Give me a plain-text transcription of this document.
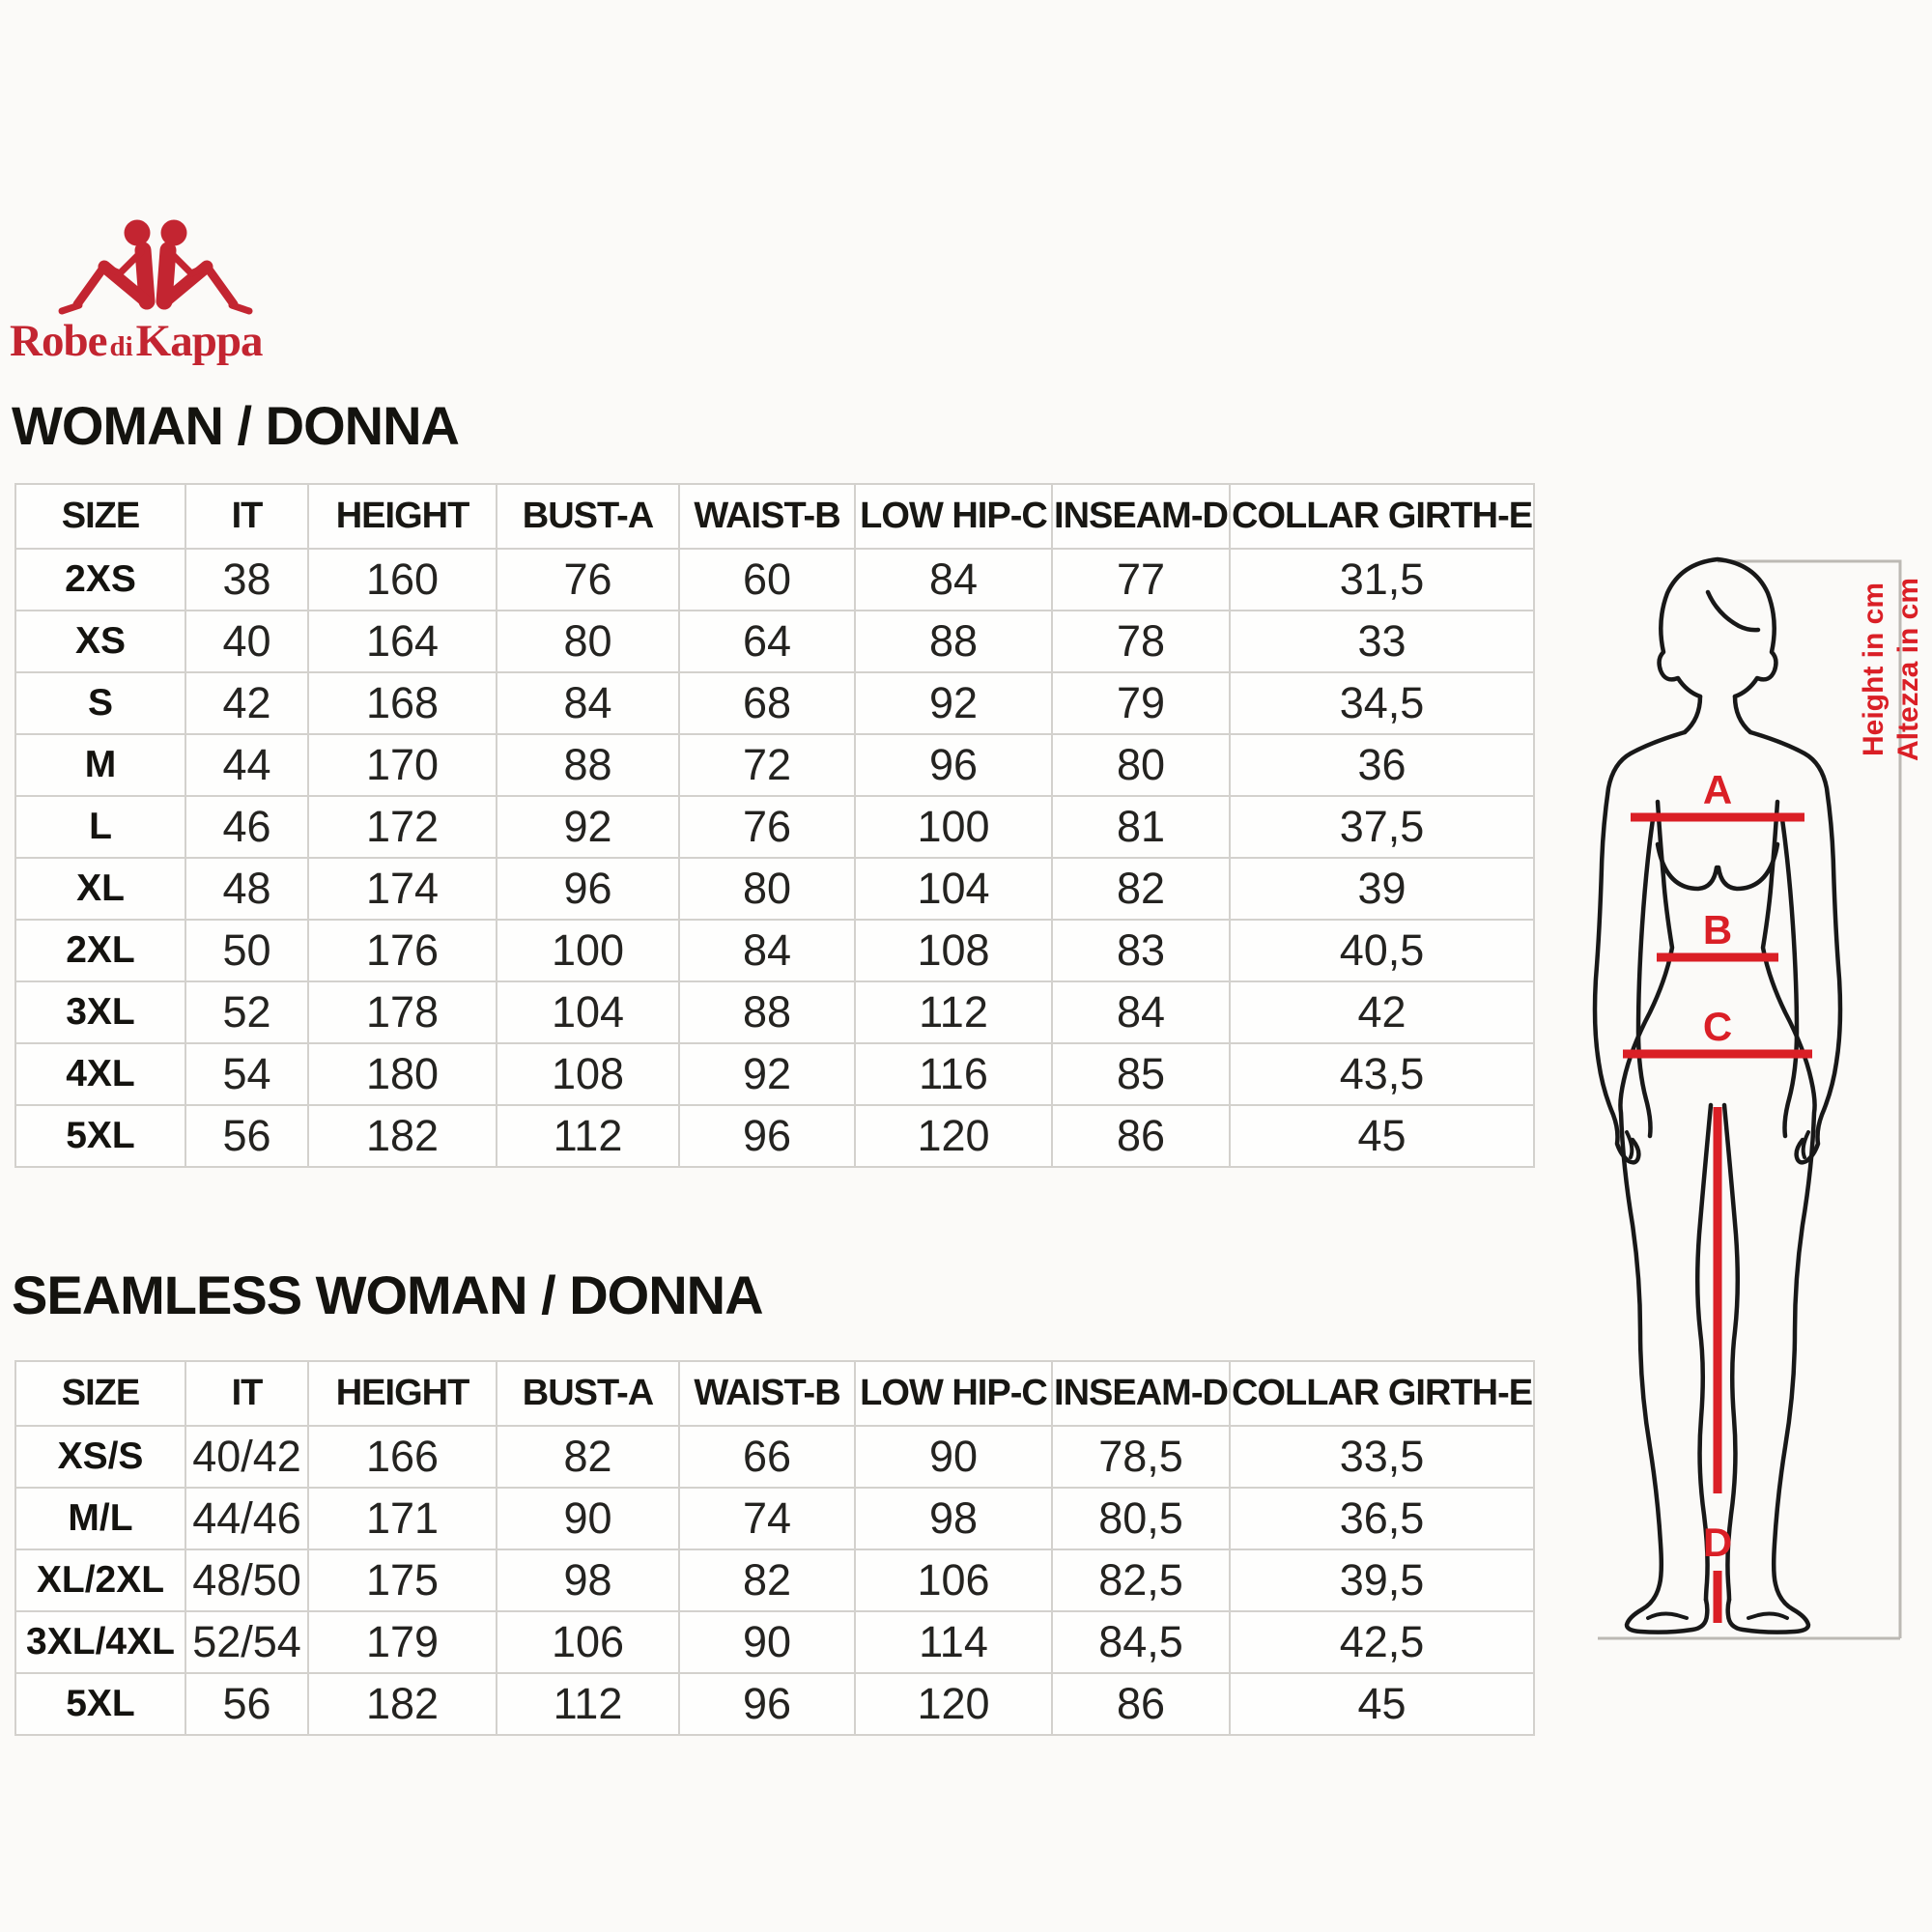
Robe diKappa
WOMAN / DONNA
SIZE	IT	HEIGHT	BUST-A	WAIST-B	LOW HIP-C	INSEAM-D	COLLAR GIRTH-E
2XS	38	160	76	60	84	77	31,5
XS	40	164	80	64	88	78	33
S	42	168	84	68	92	79	34,5
M	44	170	88	72	96	80	36
L	46	172	92	76	100	81	37,5
XL	48	174	96	80	104	82	39
2XL	50	176	100	84	108	83	40,5
3XL	52	178	104	88	112	84	42
4XL	54	180	108	92	116	85	43,5
5XL	56	182	112	96	120	86	45
SEAMLESS WOMAN / DONNA
SIZE	IT	HEIGHT	BUST-A	WAIST-B	LOW HIP-C	INSEAM-D	COLLAR GIRTH-E
XS/S	40/42	166	82	66	90	78,5	33,5
M/L	44/46	171	90	74	98	80,5	36,5
XL/2XL	48/50	175	98	82	106	82,5	39,5
3XL/4XL	52/54	179	106	90	114	84,5	42,5
5XL	56	182	112	96	120	86	45
A
B
C
D
Height in cm Altezza in cm
